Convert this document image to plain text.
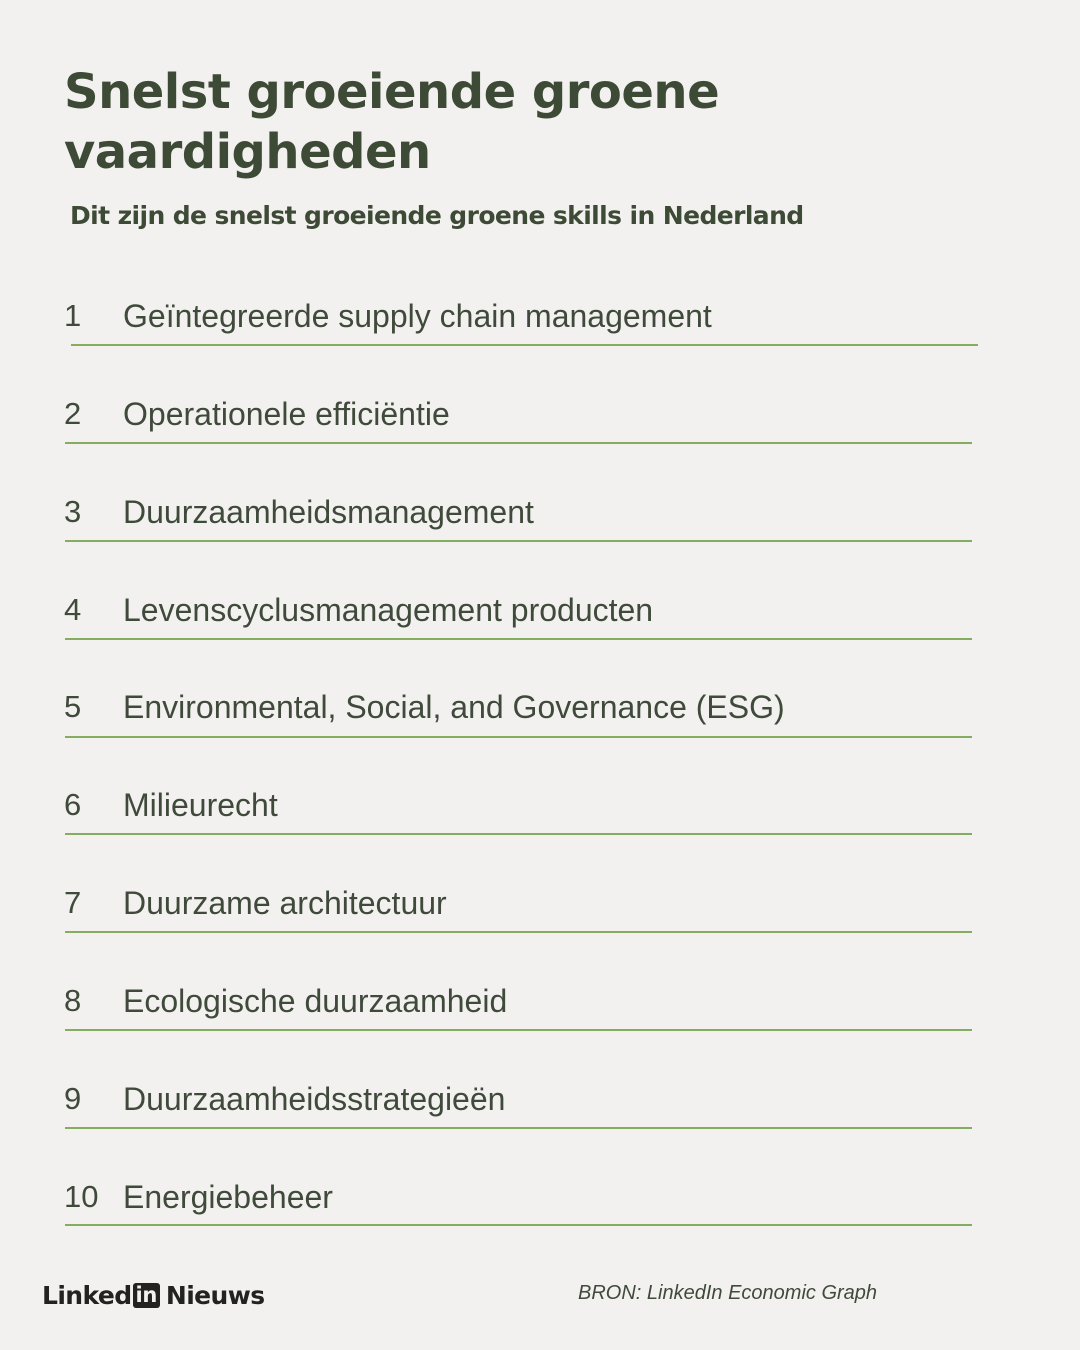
Snelst groeiende groene vaardigheden

Dit zijn de snelst groeiende groene skills in Nederland

1 Geïntegreerde supply chain management
2 Operationele efficiëntie
3 Duurzaamheidsmanagement
4 Levenscyclusmanagement producten
5 Environmental, Social, and Governance (ESG)
6 Milieurecht
7 Duurzame architectuur
8 Ecologische duurzaamheid
9 Duurzaamheidsstrategieën
10 Energiebeheer
Linked in Nieuws	BRON: LinkedIn Economic Graph
